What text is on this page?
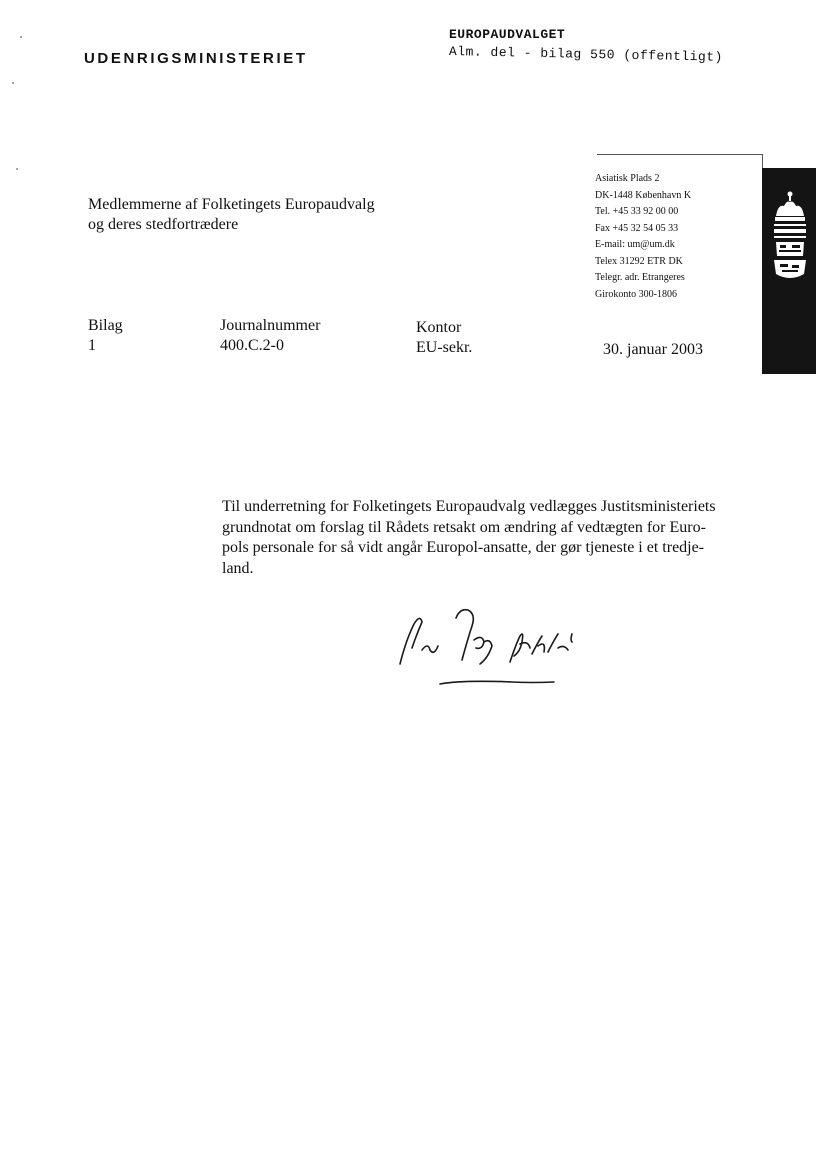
UDENRIGSMINISTERIET
EUROPAUDVALGET

Alm. del - bilag 550 (offentligt)
Medlemmerne af Folketingets Europaudvalg
og deres stedfortrædere
Asiatisk Plads 2
DK-1448 København K
Tel. +45 33 92 00 00
Fax +45 32 54 05 33
E-mail: um@um.dk
Telex 31292 ETR DK
Telegr. adr. Etrangeres
Girokonto 300-1806
Bilag
1
Journalnummer
400.C.2-0
Kontor
EU-sekr.	30. januar 2003
Til underretning for Folketingets Europaudvalg vedlægges Justitsministeriets
grundnotat om forslag til Rådets retsakt om ændring af vedtægten for Euro-
pols personale for så vidt angår Europol-ansatte, der gør tjeneste i et tredje-
land.
